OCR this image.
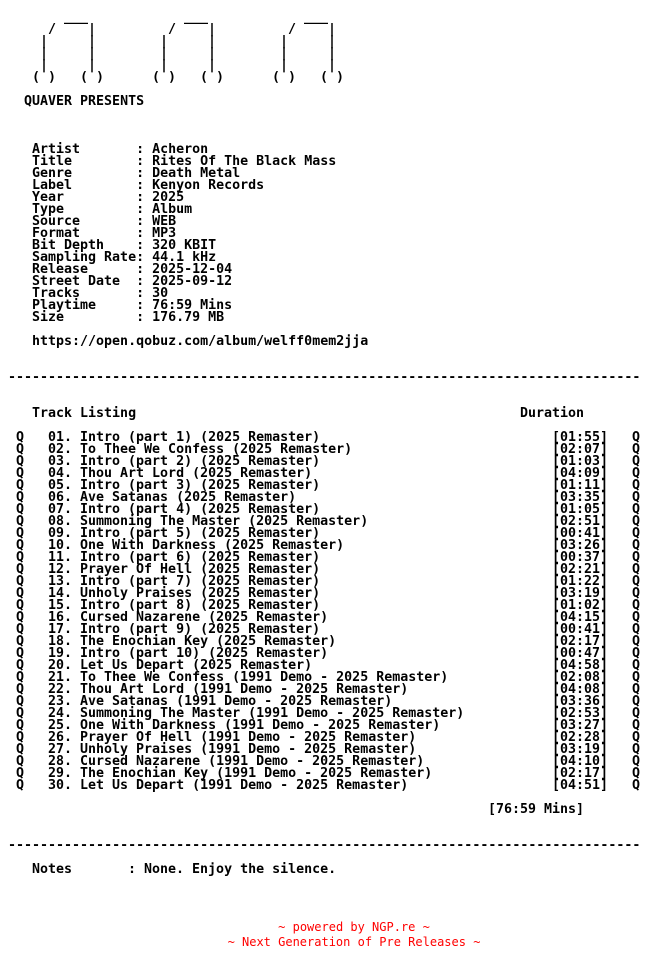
___
/    |
|     |
|     |
|     |
( )   ( )
___
/    |
|     |
|     |
|     |
( )   ( )
___
/    |
|     |
|     |
|     |
( )   ( )
QUAVER PRESENTS
Artist       : Acheron
Title        : Rites Of The Black Mass
Genre        : Death Metal
Label        : Kenyon Records
Year         : 2025
Type         : Album
Source       : WEB
Format       : MP3
Bit Depth    : 320 KBIT
Sampling Rate: 44.1 kHz
Release      : 2025-12-04
Street Date  : 2025-09-12
Tracks       : 30
Playtime     : 76:59 Mins
Size         : 176.79 MB
https://open.qobuz.com/album/welff0mem2jja
-------------------------------------------------------------------------------
Track Listing	Duration
Q 01. Intro (part 1) (2025 Remaster)	[01:55] Q
Q 02. To Thee We Confess (2025 Remaster)	[02:07] Q
Q 03. Intro (part 2) (2025 Remaster)	[01:03] Q
Q 04. Thou Art Lord (2025 Remaster)	[04:09] Q
Q 05. Intro (part 3) (2025 Remaster)	[01:11] Q
Q 06. Ave Satanas (2025 Remaster)	[03:35] Q
Q 07. Intro (part 4) (2025 Remaster)	[01:05] Q
Q 08. Summoning The Master (2025 Remaster)	[02:51] Q
Q 09. Intro (part 5) (2025 Remaster)	[00:41] Q
Q 10. One With Darkness (2025 Remaster)	[03:26] Q
Q 11. Intro (part 6) (2025 Remaster)	[00:37] Q
Q 12. Prayer Of Hell (2025 Remaster)	[02:21] Q
Q 13. Intro (part 7) (2025 Remaster)	[01:22] Q
Q 14. Unholy Praises (2025 Remaster)	[03:19] Q
Q 15. Intro (part 8) (2025 Remaster)	[01:02] Q
Q 16. Cursed Nazarene (2025 Remaster)	[04:15] Q
Q 17. Intro (part 9) (2025 Remaster)	[00:41] Q
Q 18. The Enochian Key (2025 Remaster)	[02:17] Q
Q 19. Intro (part 10) (2025 Remaster)	[00:47] Q
Q 20. Let Us Depart (2025 Remaster)	[04:58] Q
Q 21. To Thee We Confess (1991 Demo - 2025 Remaster)	[02:08] Q
Q 22. Thou Art Lord (1991 Demo - 2025 Remaster)	[04:08] Q
Q 23. Ave Satanas (1991 Demo - 2025 Remaster)	[03:36] Q
Q 24. Summoning The Master (1991 Demo - 2025 Remaster)	[02:53] Q
Q 25. One With Darkness (1991 Demo - 2025 Remaster)	[03:27] Q
Q 26. Prayer Of Hell (1991 Demo - 2025 Remaster)	[02:28] Q
Q 27. Unholy Praises (1991 Demo - 2025 Remaster)	[03:19] Q
Q 28. Cursed Nazarene (1991 Demo - 2025 Remaster)	[04:10] Q
Q 29. The Enochian Key (1991 Demo - 2025 Remaster)	[02:17] Q
Q 30. Let Us Depart (1991 Demo - 2025 Remaster)	[04:51] Q
[76:59 Mins]
-------------------------------------------------------------------------------
Notes	: None. Enjoy the silence.
~ powered by NGP.re ~
~ Next Generation of Pre Releases ~
